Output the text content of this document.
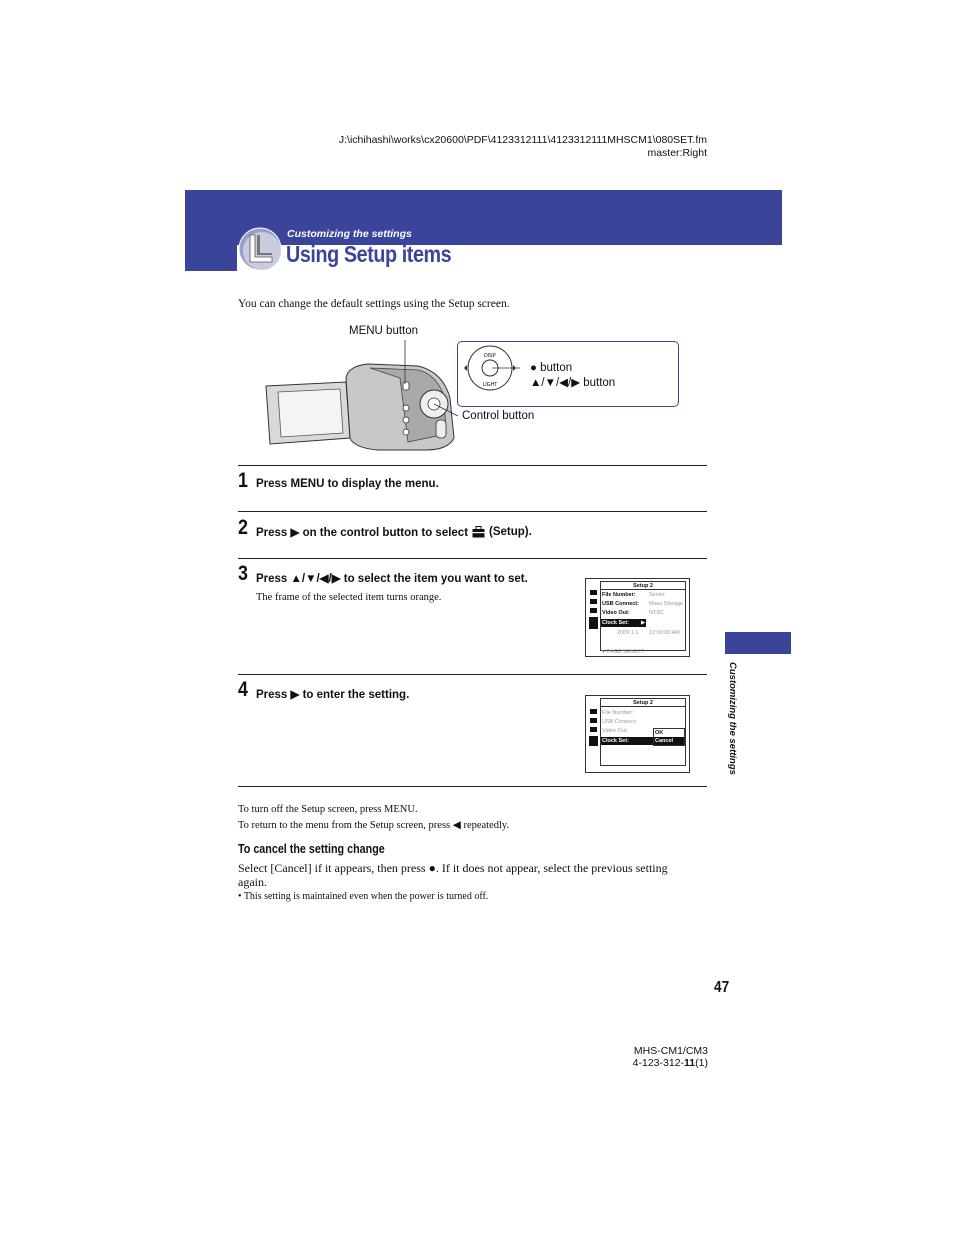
J:\ichihashi\works\cx20600\PDF\4123312111\4123312111MHSCM1\080SET.fm
master:Right
Customizing the settings
Using Setup items
You can change the default settings using the Setup screen.
MENU button
● button
▲/▼/◀/▶ button
Control button
DISP
LIGHT
1 Press MENU to display the menu.
2 Press ▶ on the control button to select (Setup).
3 Press ▲/▼/◀/▶ to select the item you want to set.
The frame of the selected item turns orange.
Setup 2
File Number: Series
USB Connect: Mass Storage
Video Out:	NTSC
Clock Set:	▶
2009 1 1 12:00:00 AM
♦ PAGE SELECT
4 Press ▶ to enter the setting.
Setup 2
File Number:
USB Connect:
Video Out:
Clock Set:
OK
Cancel
To turn off the Setup screen, press MENU.
To return to the menu from the Setup screen, press ◀ repeatedly.
To cancel the setting change
Select [Cancel] if it appears, then press ●. If it does not appear, select the previous setting again.
• This setting is maintained even when the power is turned off.
Customizing the settings
47
MHS-CM1/CM3
4-123-312-11(1)
